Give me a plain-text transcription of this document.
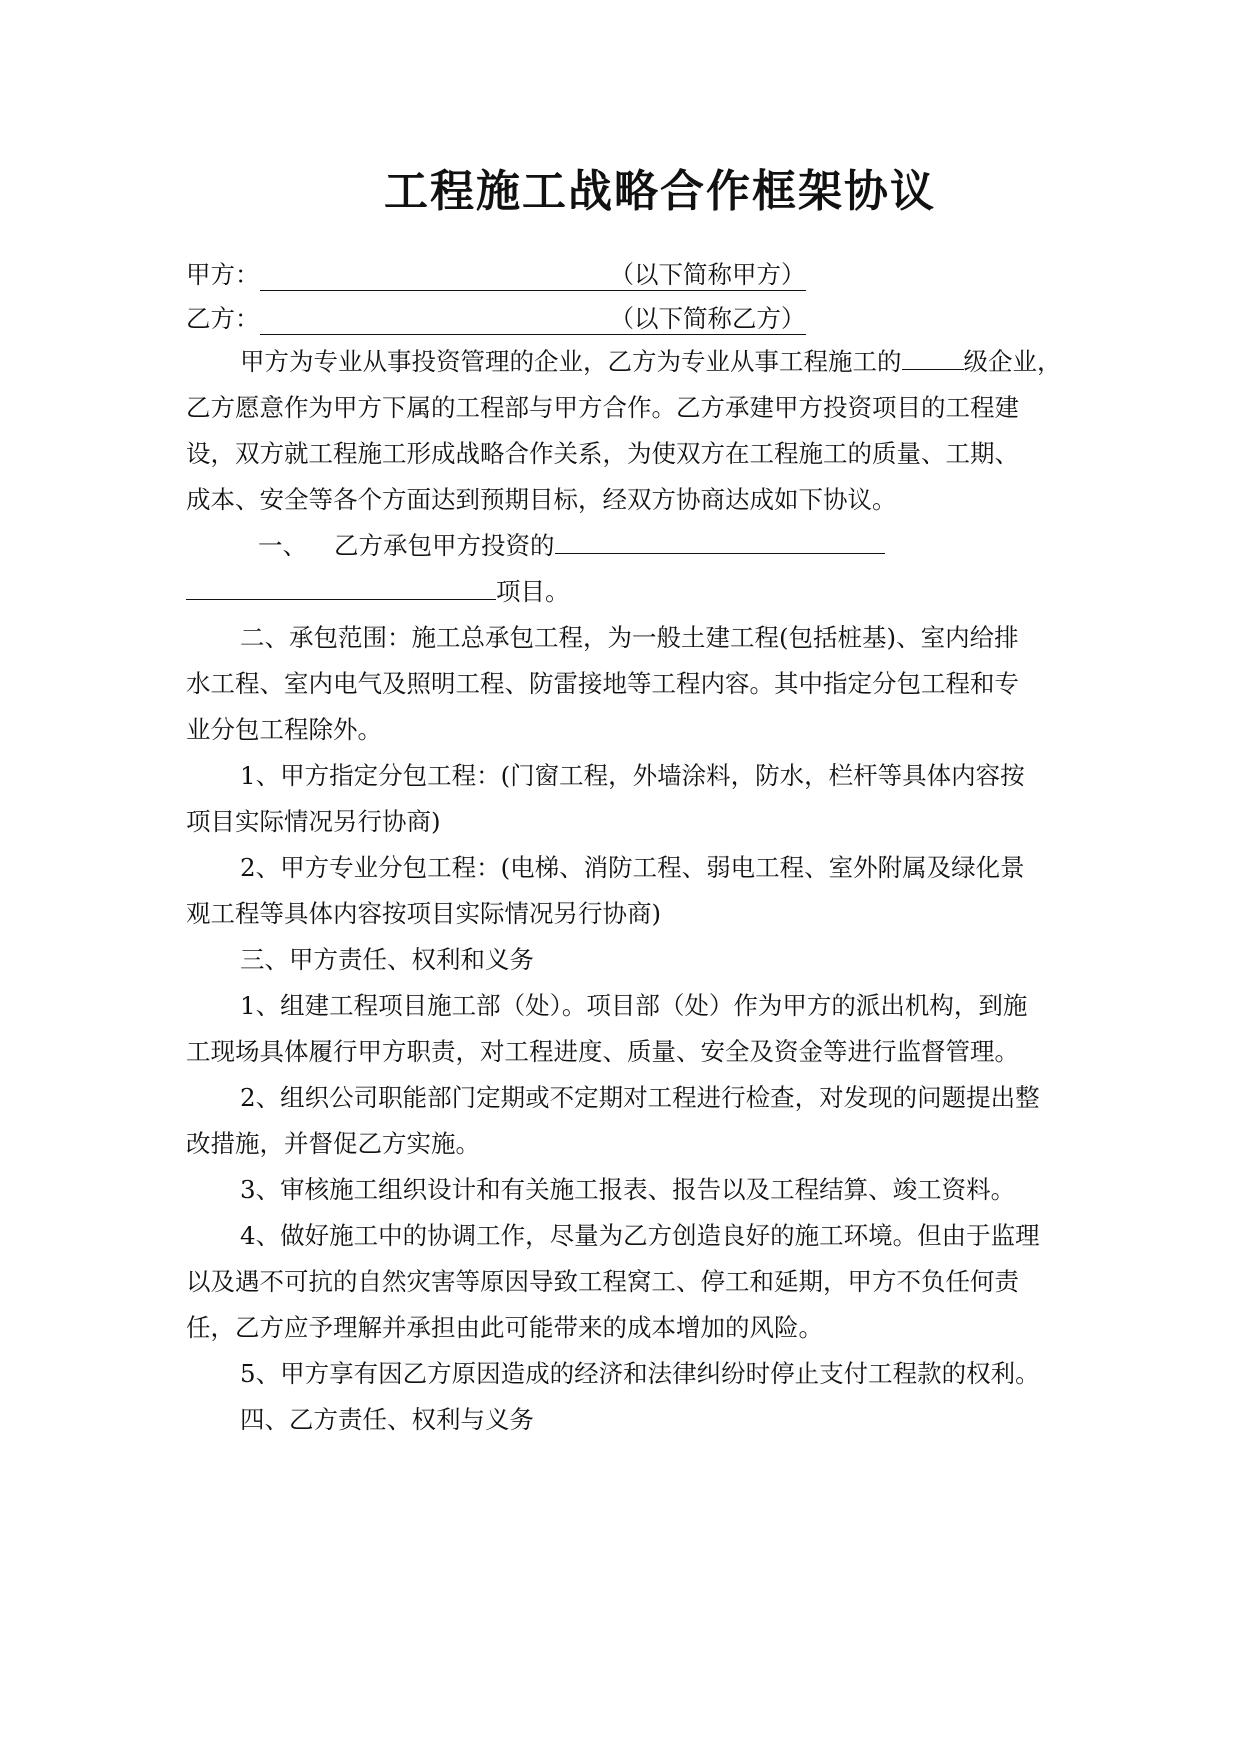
工程施工战略合作框架协议
甲方：	（以下简称甲方）
乙方：	（以下简称乙方）
甲方为专业从事投资管理的企业，乙方为专业从事工程施工的	级企业，
乙方愿意作为甲方下属的工程部与甲方合作。乙方承建甲方投资项目的工程建
设，双方就工程施工形成战略合作关系，为使双方在工程施工的质量、工期、
成本、安全等各个方面达到预期目标，经双方协商达成如下协议。
一、 乙方承包甲方投资的
项目。
二、承包范围：施工总承包工程，为一般土建工程(包括桩基)、室内给排
水工程、室内电气及照明工程、防雷接地等工程内容。其中指定分包工程和专
业分包工程除外。
1、甲方指定分包工程：(门窗工程，外墙涂料，防水，栏杆等具体内容按
项目实际情况另行协商)
2、甲方专业分包工程：(电梯、消防工程、弱电工程、室外附属及绿化景
观工程等具体内容按项目实际情况另行协商)
三、甲方责任、权利和义务
1、组建工程项目施工部（处）。项目部（处）作为甲方的派出机构，到施
工现场具体履行甲方职责，对工程进度、质量、安全及资金等进行监督管理。
2、组织公司职能部门定期或不定期对工程进行检查，对发现的问题提出整
改措施，并督促乙方实施。
3、审核施工组织设计和有关施工报表、报告以及工程结算、竣工资料。
4、做好施工中的协调工作，尽量为乙方创造良好的施工环境。但由于监理
以及遇不可抗的自然灾害等原因导致工程窝工、停工和延期，甲方不负任何责
任，乙方应予理解并承担由此可能带来的成本增加的风险。
5、甲方享有因乙方原因造成的经济和法律纠纷时停止支付工程款的权利。
四、乙方责任、权利与义务
